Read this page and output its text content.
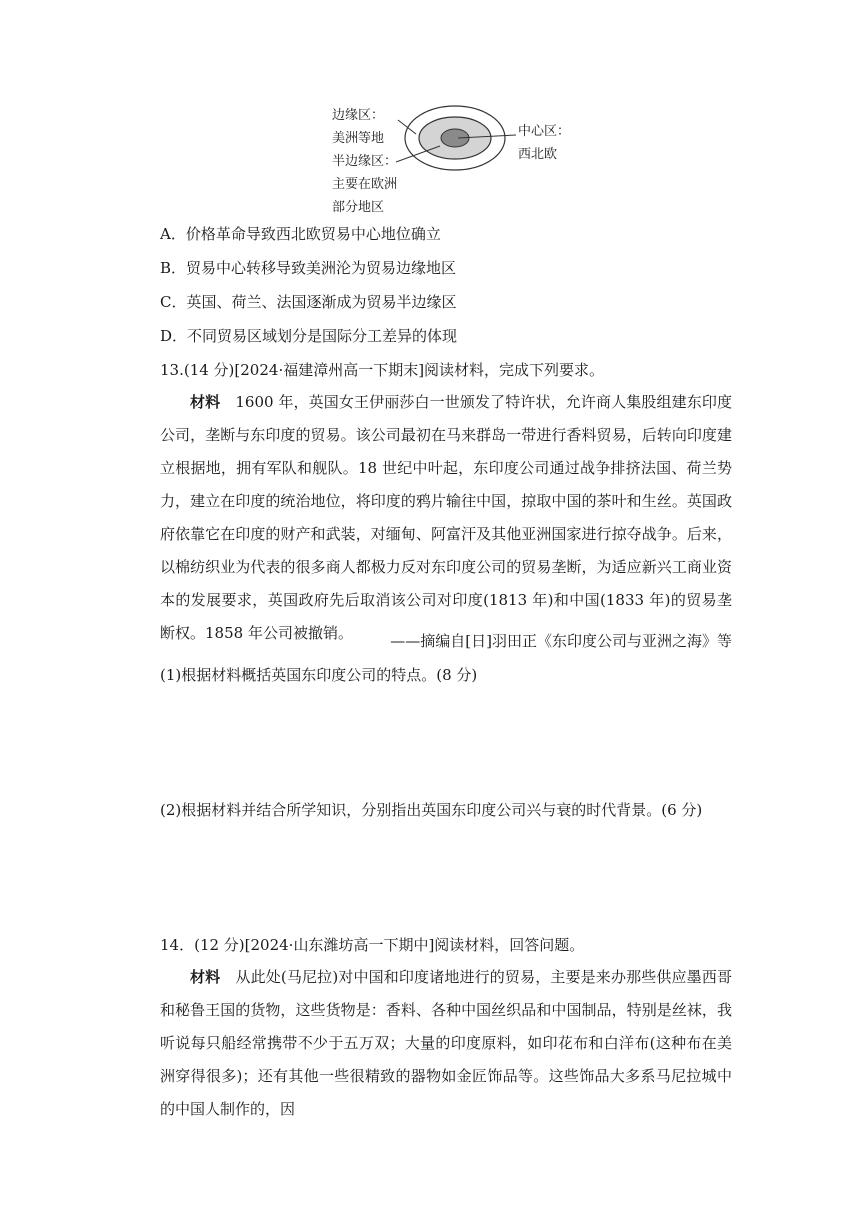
边缘区：
美洲等地
半边缘区：
主要在欧洲
部分地区
中心区：
西北欧
A．价格革命导致西北欧贸易中心地位确立
B．贸易中心转移导致美洲沦为贸易边缘地区
C．英国、荷兰、法国逐渐成为贸易半边缘区
D．不同贸易区域划分是国际分工差异的体现
13.(14 分)[2024·福建漳州高一下期末]阅读材料，完成下列要求。
材料　 1600 年，英国女王伊丽莎白一世颁发了特许状，允许商人集股组建东印度公司，垄断与东印度的贸易。该公司最初在马来群岛一带进行香料贸易，后转向印度建立根据地，拥有军队和舰队。18 世纪中叶起，东印度公司通过战争排挤法国、荷兰势力，建立在印度的统治地位，将印度的鸦片输往中国，掠取中国的茶叶和生丝。英国政府依靠它在印度的财产和武装，对缅甸、阿富汗及其他亚洲国家进行掠夺战争。后来，以棉纺织业为代表的很多商人都极力反对东印度公司的贸易垄断，为适应新兴工商业资本的发展要求，英国政府先后取消该公司对印度(1813 年)和中国(1833 年)的贸易垄断权。1858 年公司被撤销。	——摘编自[日]羽田正《东印度公司与亚洲之海》等
(1)根据材料概括英国东印度公司的特点。(8 分)
(2)根据材料并结合所学知识，分别指出英国东印度公司兴与衰的时代背景。(6 分)
14．(12 分)[2024·山东潍坊高一下期中]阅读材料，回答问题。
材料　 从此处(马尼拉)对中国和印度诸地进行的贸易，主要是来办那些供应墨西哥和秘鲁王国的货物，这些货物是：香料、各种中国丝织品和中国制品，特别是丝袜，我听说每只船经常携带不少于五万双；大量的印度原料，如印花布和白洋布(这种布在美洲穿得很多)；还有其他一些很精致的器物如金匠饰品等。这些饰品大多系马尼拉城中的中国人制作的，因
